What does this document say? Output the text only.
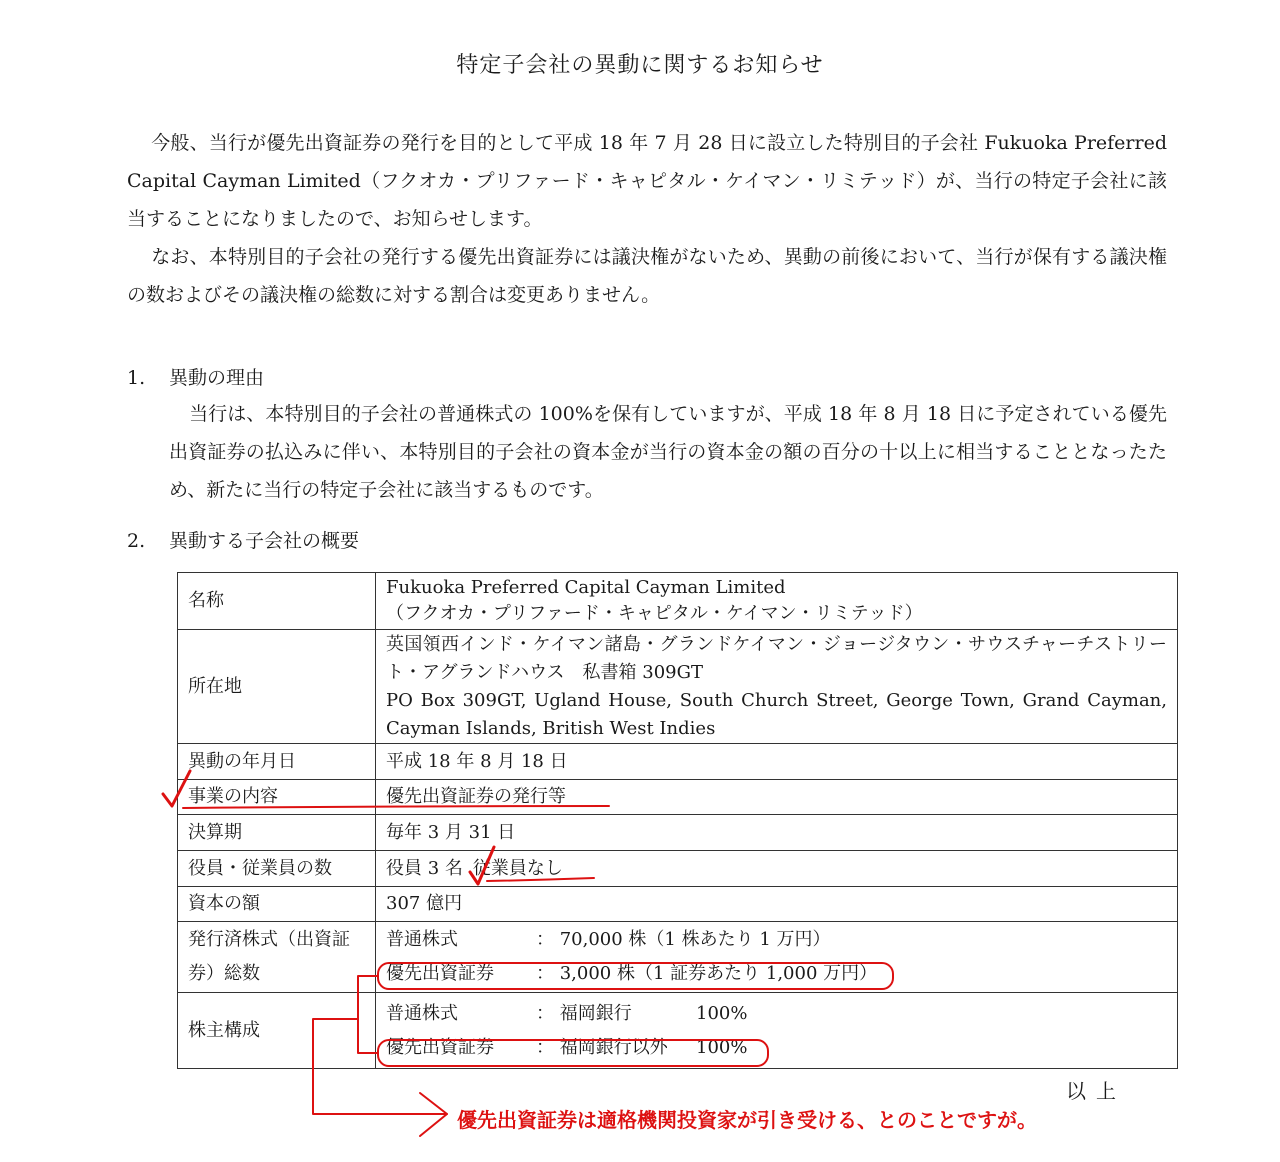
特定子会社の異動に関するお知らせ

今般、当行が優先出資証券の発行を目的として平成 18 年 7 月 28 日に設立した特別目的子会社 Fukuoka Preferred Capital Cayman Limited（フクオカ・プリファード・キャピタル・ケイマン・リミテッド）が、当行の特定子会社に該当することになりましたので、お知らせします。

なお、本特別目的子会社の発行する優先出資証券には議決権がないため、異動の前後において、当行が保有する議決権の数およびその議決権の総数に対する割合は変更ありません。

1. 異動の理由

当行は、本特別目的子会社の普通株式の 100%を保有していますが、平成 18 年 8 月 18 日に予定されている優先出資証券の払込みに伴い、本特別目的子会社の資本金が当行の資本金の額の百分の十以上に相当することとなったため、新たに当行の特定子会社に該当するものです。

2. 異動する子会社の概要
名称	Fukuoka Preferred Capital Cayman Limited
（フクオカ・プリファード・キャピタル・ケイマン・リミテッド）

所在地	英国領西インド・ケイマン諸島・グランドケイマン・ジョージタウン・サウスチャーチストリート・アグランドハウス　私書箱 309GT
PO Box 309GT, Ugland House, South Church Street, George Town, Grand Cayman, Cayman Islands, British West Indies

異動の年月日	平成 18 年 8 月 18 日
事業の内容	優先出資証券の発行等
決算期	毎年 3 月 31 日
役員・従業員の数	役員 3 名 従業員なし
資本の額	307 億円
発行済株式（出資証券）総数	普通株式 ： 70,000 株（1 株あたり 1 万円）
優先出資証券 ： 3,000 株（1 証券あたり 1,000 万円）

株主構成	普通株式 ： 福岡銀行 100%
優先出資証券 ： 福岡銀行以外 100%
以上
優先出資証券は適格機関投資家が引き受ける、とのことですが。
